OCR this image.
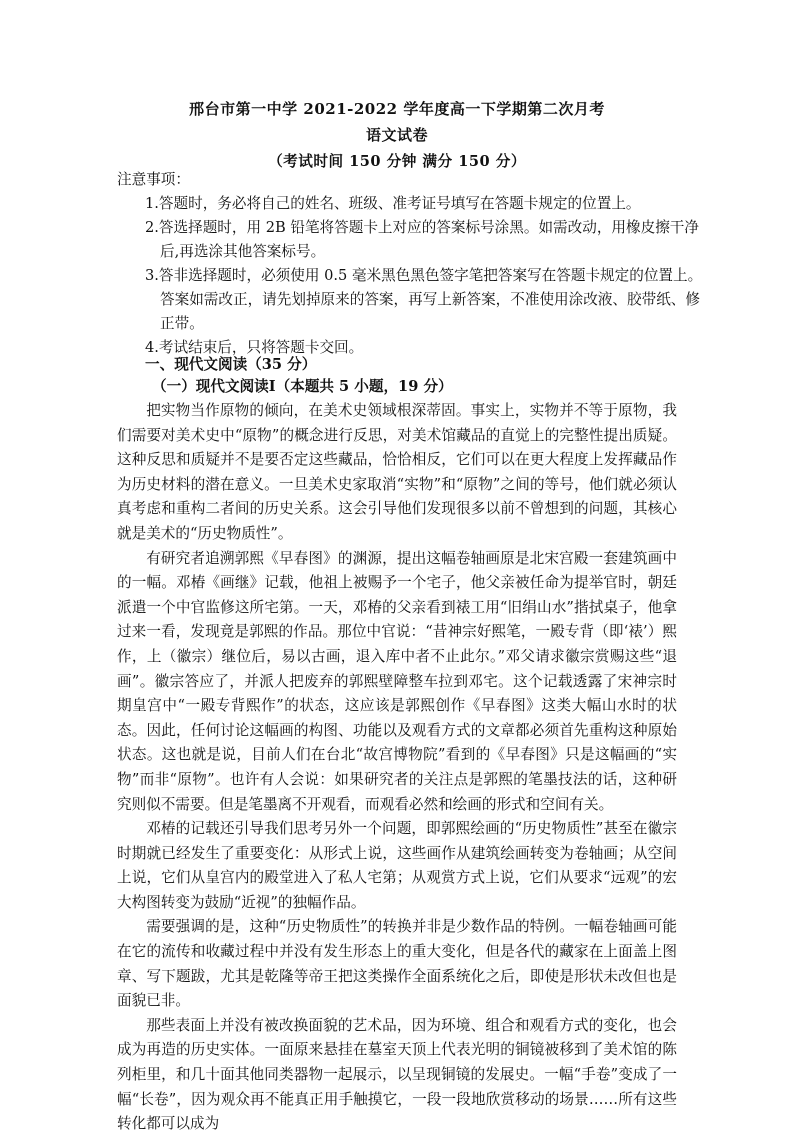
邢台市第一中学 2021-2022 学年度高一下学期第二次月考
语文试卷
（考试时间 150 分钟 满分 150 分）
注意事项：
1.答题时，务必将自己的姓名、班级、准考证号填写在答题卡规定的位置上。
2.答选择题时，用 2B 铅笔将答题卡上对应的答案标号涂黑。如需改动，用橡皮擦干净
后,再选涂其他答案标号。
3.答非选择题时，必须使用 0.5 毫米黑色黑色签字笔把答案写在答题卡规定的位置上。
答案如需改正，请先划掉原来的答案，再写上新答案，不准使用涂改液、胶带纸、修
正带。
4.考试结束后，只将答题卡交回。
一、现代文阅读（35 分）
（一）现代文阅读Ⅰ（本题共 5 小题，19 分）

把实物当作原物的倾向，在美术史领域根深蒂固。事实上，实物并不等于原物，我们需要对美术史中“原物”的概念进行反思，对美术馆藏品的直觉上的完整性提出质疑。这种反思和质疑并不是要否定这些藏品，恰恰相反，它们可以在更大程度上发挥藏品作为历史材料的潜在意义。一旦美术史家取消“实物”和“原物”之间的等号，他们就必须认真考虑和重构二者间的历史关系。这会引导他们发现很多以前不曾想到的问题，其核心就是美术的“历史物质性”。

有研究者追溯郭熙《早春图》的渊源，提出这幅卷轴画原是北宋宫殿一套建筑画中的一幅。邓椿《画继》记载，他祖上被赐予一个宅子，他父亲被任命为提举官时，朝廷派遣一个中官监修这所宅第。一天，邓椿的父亲看到裱工用“旧绢山水”揩拭桌子，他拿过来一看，发现竟是郭熙的作品。那位中官说：“昔神宗好熙笔，一殿专背（即‘裱’）熙作，上（徽宗）继位后，易以古画，退入库中者不止此尔。”邓父请求徽宗赏赐这些“退画”。徽宗答应了，并派人把废弃的郭熙壁障整车拉到邓宅。这个记载透露了宋神宗时期皇宫中“一殿专背熙作”的状态，这应该是郭熙创作《早春图》这类大幅山水时的状态。因此，任何讨论这幅画的构图、功能以及观看方式的文章都必须首先重构这种原始状态。这也就是说，目前人们在台北“故宫博物院”看到的《早春图》只是这幅画的“实物”而非“原物”。也许有人会说：如果研究者的关注点是郭熙的笔墨技法的话，这种研究则似不需要。但是笔墨离不开观看，而观看必然和绘画的形式和空间有关。

邓椿的记载还引导我们思考另外一个问题，即郭熙绘画的“历史物质性”甚至在徽宗时期就已经发生了重要变化：从形式上说，这些画作从建筑绘画转变为卷轴画；从空间上说，它们从皇宫内的殿堂进入了私人宅第；从观赏方式上说，它们从要求“远观”的宏大构图转变为鼓励“近视”的独幅作品。

需要强调的是，这种“历史物质性”的转换并非是少数作品的特例。一幅卷轴画可能在它的流传和收藏过程中并没有发生形态上的重大变化，但是各代的藏家在上面盖上图章、写下题跋，尤其是乾隆等帝王把这类操作全面系统化之后，即使是形状未改但也是面貌已非。

那些表面上并没有被改换面貌的艺术品，因为环境、组合和观看方式的变化，也会成为再造的历史实体。一面原来悬挂在墓室天顶上代表光明的铜镜被移到了美术馆的陈列柜里，和几十面其他同类器物一起展示，以呈现铜镜的发展史。一幅“手卷”变成了一幅“长卷”，因为观众再不能真正用手触摸它，一段一段地欣赏移动的场景……所有这些转化都可以成为
